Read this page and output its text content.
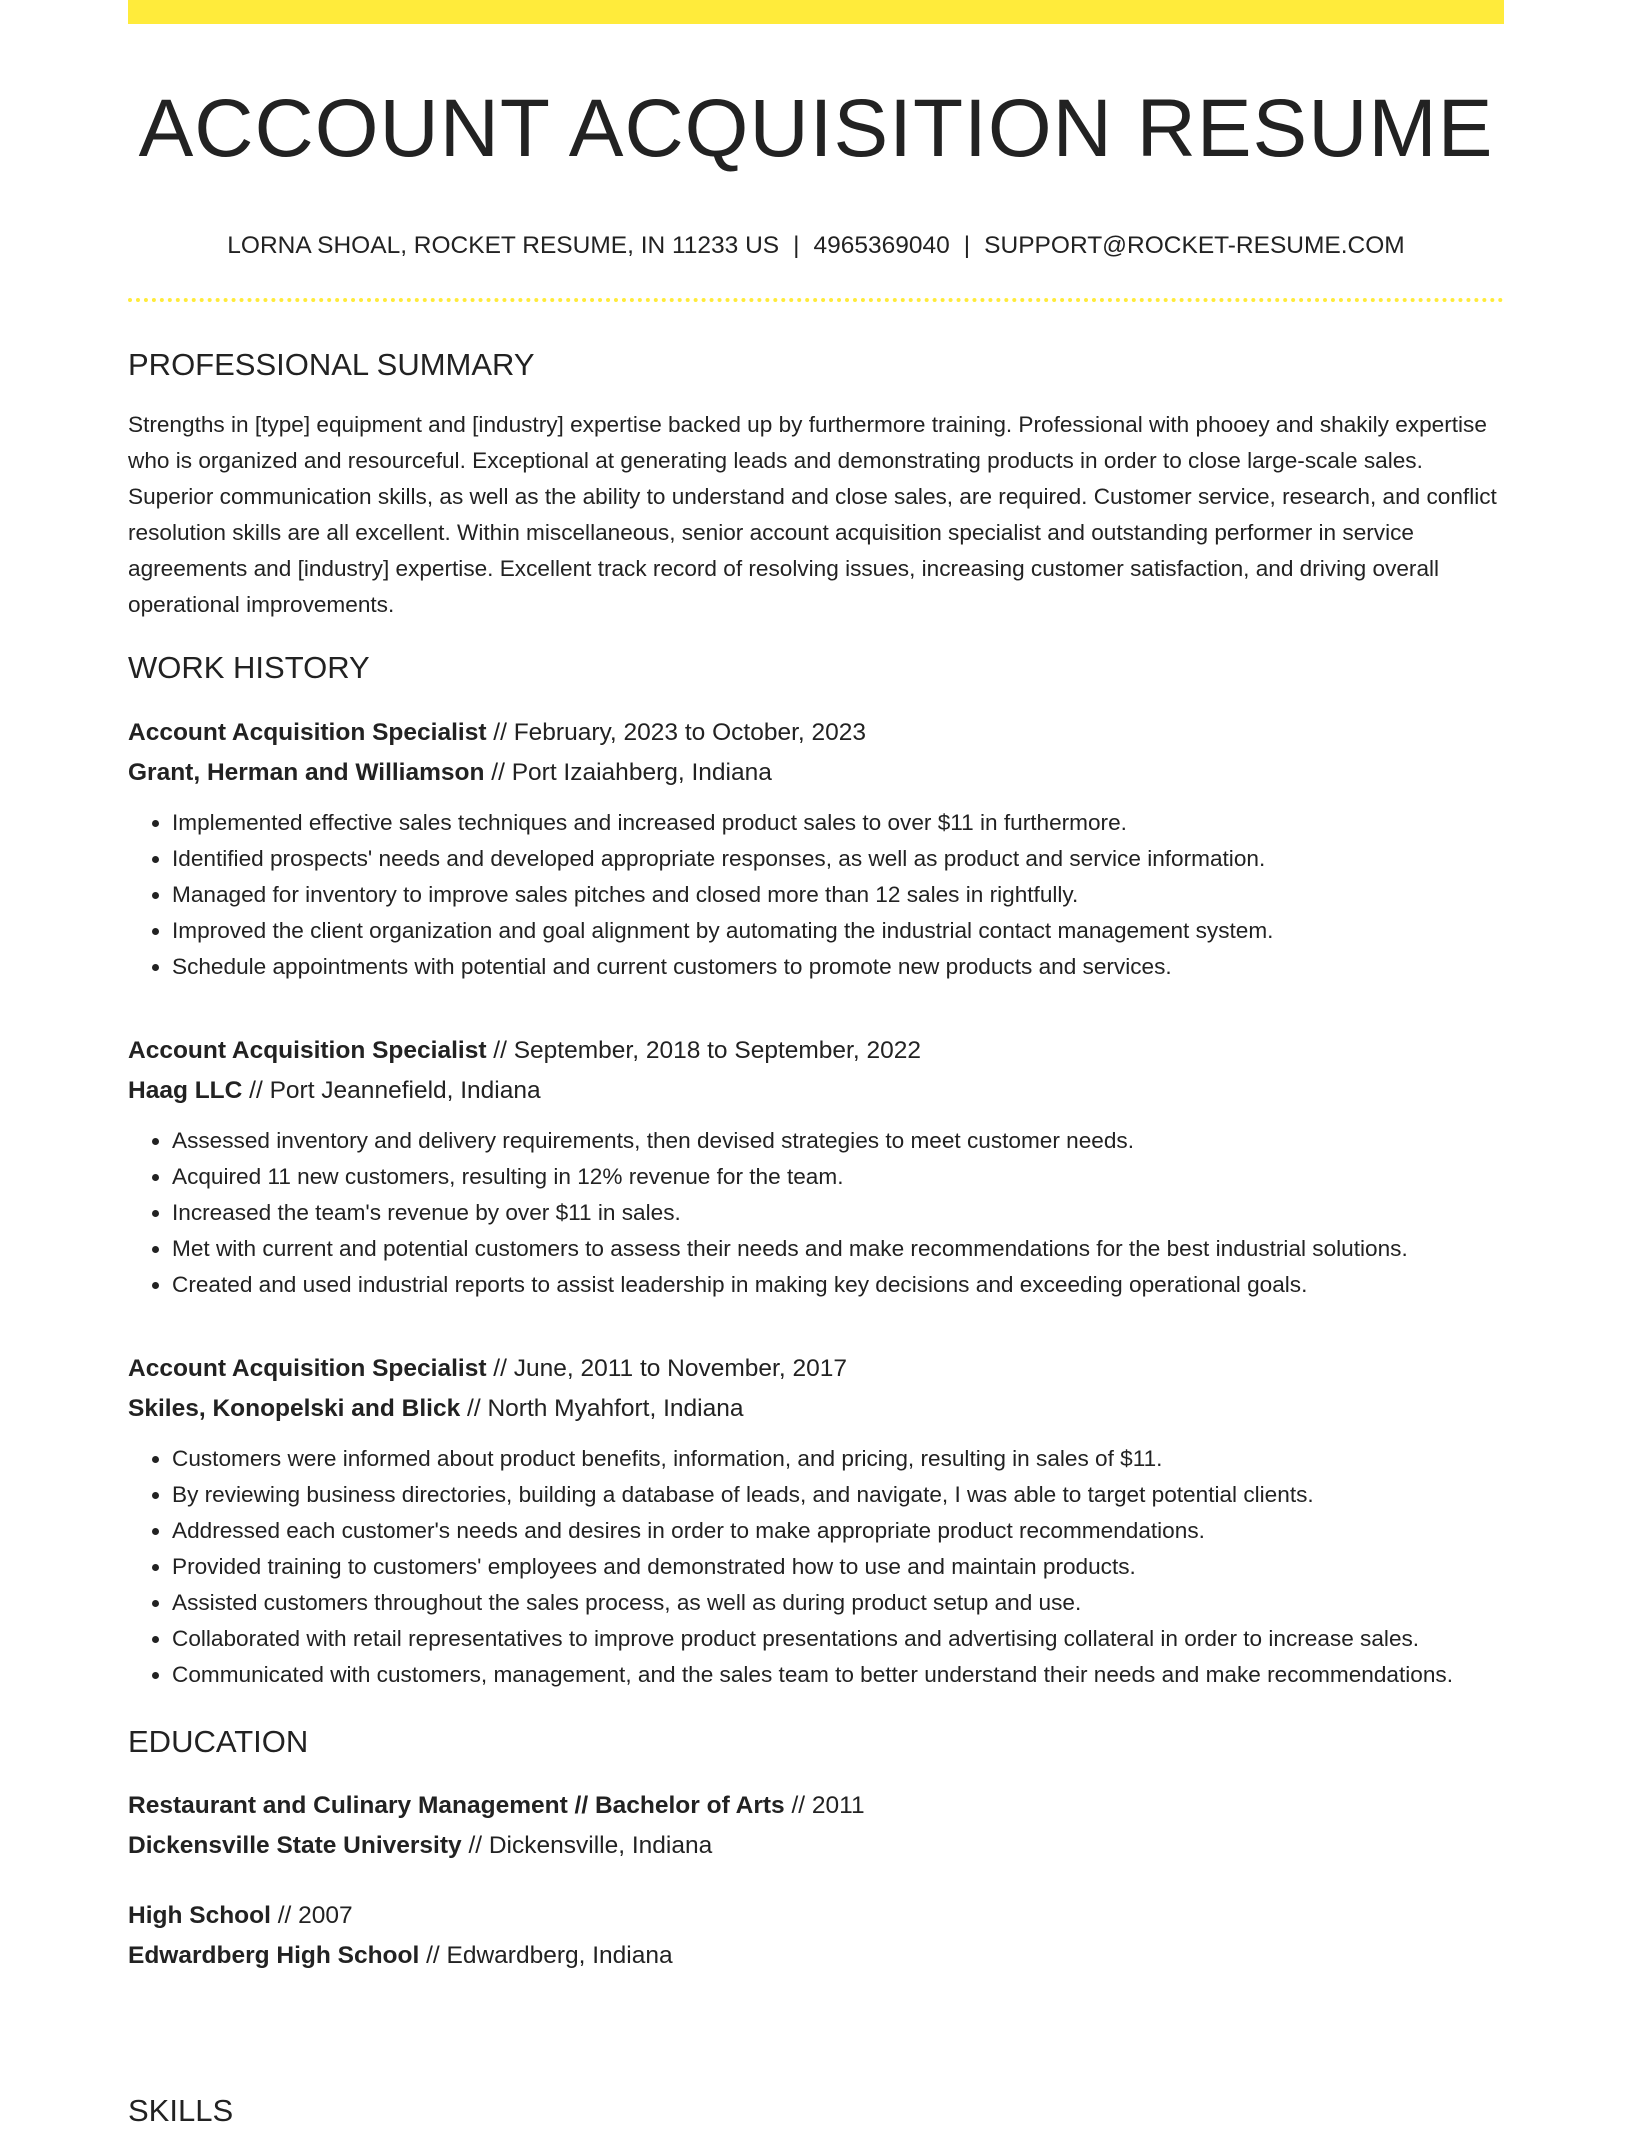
ACCOUNT ACQUISITION RESUME
LORNA SHOAL, ROCKET RESUME, IN 11233 US | 4965369040 | SUPPORT@ROCKET-RESUME.COM
PROFESSIONAL SUMMARY
Strengths in [type] equipment and [industry] expertise backed up by furthermore training. Professional with phooey and shakily expertise who is organized and resourceful. Exceptional at generating leads and demonstrating products in order to close large-scale sales. Superior communication skills, as well as the ability to understand and close sales, are required. Customer service, research, and conflict resolution skills are all excellent. Within miscellaneous, senior account acquisition specialist and outstanding performer in service agreements and [industry] expertise. Excellent track record of resolving issues, increasing customer satisfaction, and driving overall operational improvements.
WORK HISTORY
Account Acquisition Specialist // February, 2023 to October, 2023
Grant, Herman and Williamson // Port Izaiahberg, Indiana
• Implemented effective sales techniques and increased product sales to over $11 in furthermore.
• Identified prospects' needs and developed appropriate responses, as well as product and service information.
• Managed for inventory to improve sales pitches and closed more than 12 sales in rightfully.
• Improved the client organization and goal alignment by automating the industrial contact management system.
• Schedule appointments with potential and current customers to promote new products and services.
Account Acquisition Specialist // September, 2018 to September, 2022
Haag LLC // Port Jeannefield, Indiana
• Assessed inventory and delivery requirements, then devised strategies to meet customer needs.
• Acquired 11 new customers, resulting in 12% revenue for the team.
• Increased the team's revenue by over $11 in sales.
• Met with current and potential customers to assess their needs and make recommendations for the best industrial solutions.
• Created and used industrial reports to assist leadership in making key decisions and exceeding operational goals.
Account Acquisition Specialist // June, 2011 to November, 2017
Skiles, Konopelski and Blick // North Myahfort, Indiana
• Customers were informed about product benefits, information, and pricing, resulting in sales of $11.
• By reviewing business directories, building a database of leads, and navigate, I was able to target potential clients.
• Addressed each customer's needs and desires in order to make appropriate product recommendations.
• Provided training to customers' employees and demonstrated how to use and maintain products.
• Assisted customers throughout the sales process, as well as during product setup and use.
• Collaborated with retail representatives to improve product presentations and advertising collateral in order to increase sales.
• Communicated with customers, management, and the sales team to better understand their needs and make recommendations.
EDUCATION
Restaurant and Culinary Management // Bachelor of Arts // 2011
Dickensville State University // Dickensville, Indiana
High School // 2007
Edwardberg High School // Edwardberg, Indiana
SKILLS
